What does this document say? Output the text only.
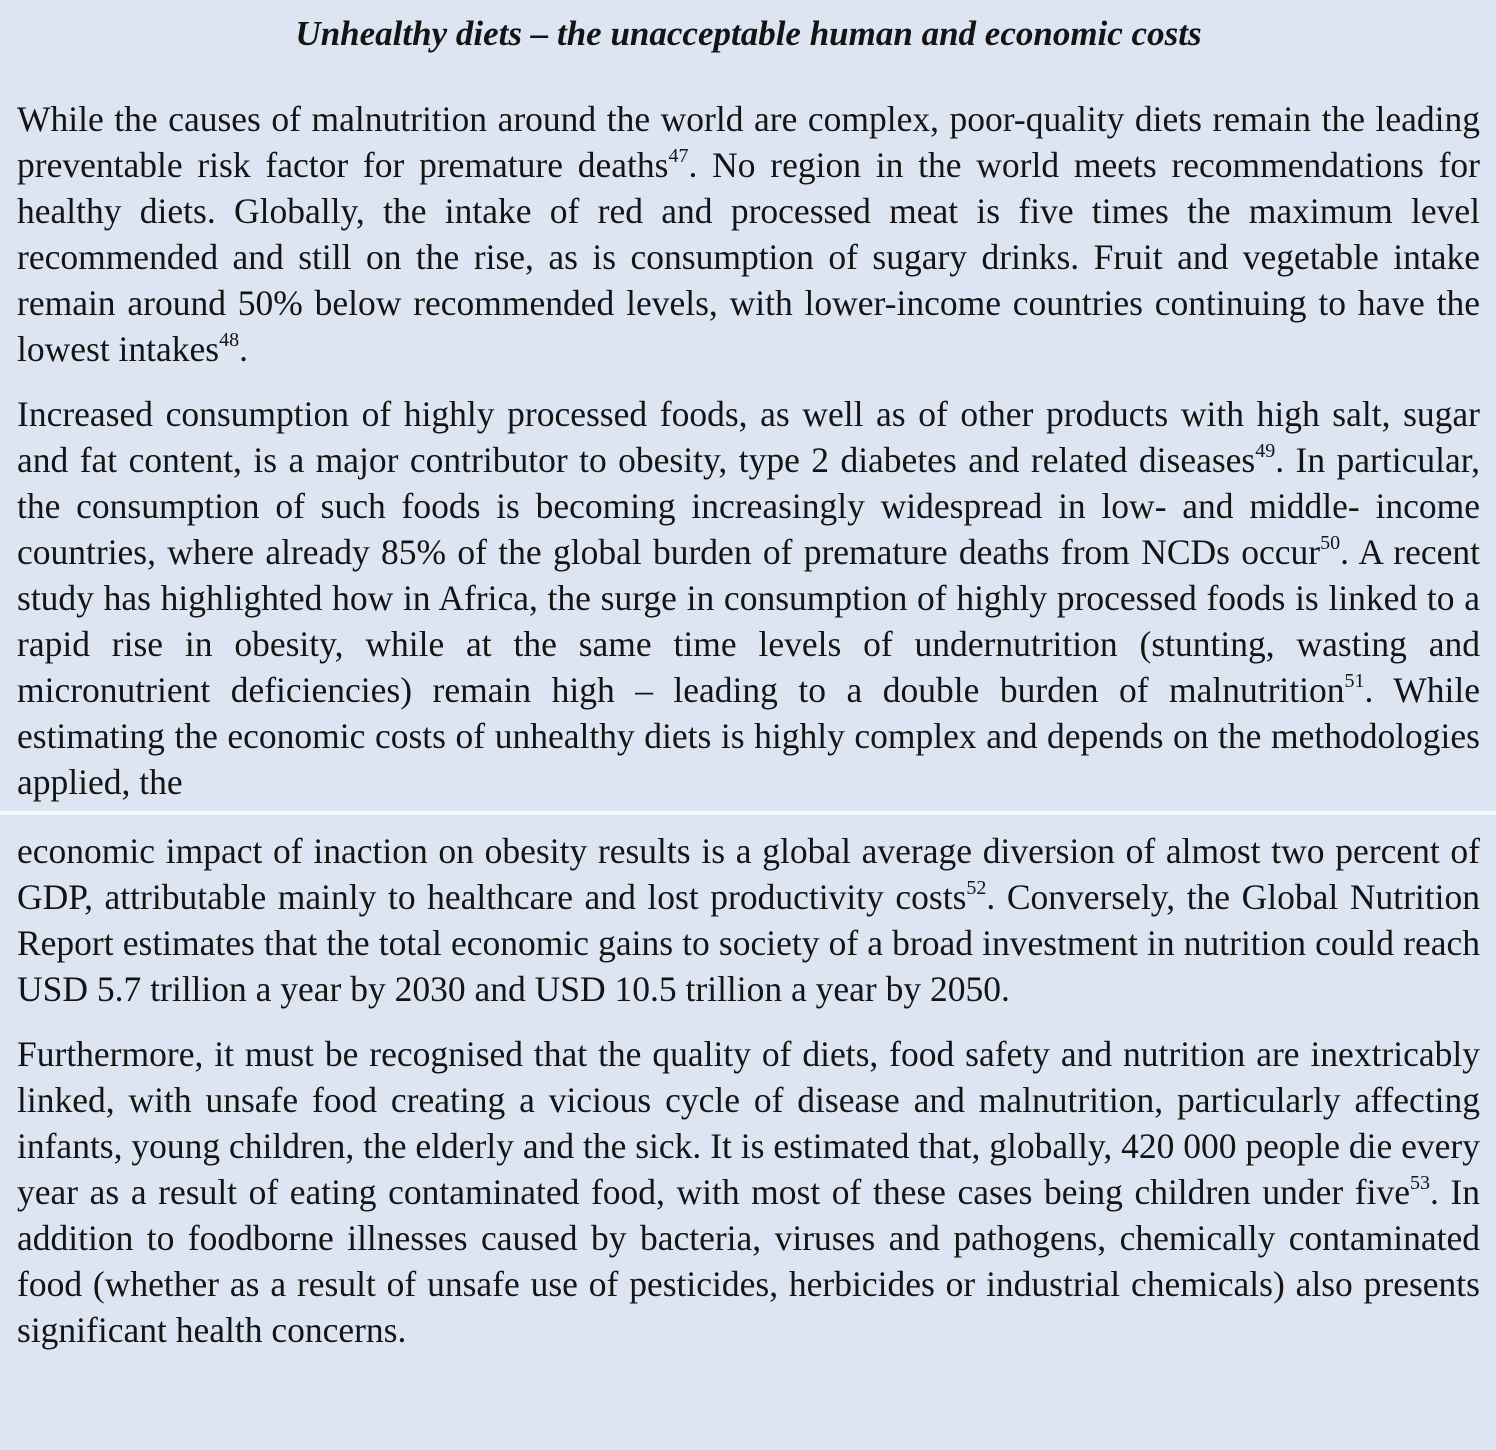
Unhealthy diets – the unacceptable human and economic costs

While the causes of malnutrition around the world are complex, poor-quality diets remain the leading preventable risk factor for premature deaths$^{47}$. No region in the world meets recommendations for healthy diets. Globally, the intake of red and processed meat is five times the maximum level recommended and still on the rise, as is consumption of sugary drinks. Fruit and vegetable intake remain around 50% below recommended levels, with lower-income countries continuing to have the lowest intakes$^{48}$.

Increased consumption of highly processed foods, as well as of other products with high salt, sugar and fat content, is a major contributor to obesity, type 2 diabetes and related diseases$^{49}$. In particular, the consumption of such foods is becoming increasingly widespread in low- and middle- income countries, where already 85% of the global burden of premature deaths from NCDs occur$^{50}$. A recent study has highlighted how in Africa, the surge in consumption of highly processed foods is linked to a rapid rise in obesity, while at the same time levels of undernutrition (stunting, wasting and micronutrient deficiencies) remain high – leading to a double burden of malnutrition$^{51}$. While estimating the economic costs of unhealthy diets is highly complex and depends on the methodologies applied, the

economic impact of inaction on obesity results is a global average diversion of almost two percent of GDP, attributable mainly to healthcare and lost productivity costs$^{52}$. Conversely, the Global Nutrition Report estimates that the total economic gains to society of a broad investment in nutrition could reach USD 5.7 trillion a year by 2030 and USD 10.5 trillion a year by 2050.

Furthermore, it must be recognised that the quality of diets, food safety and nutrition are inextricably linked, with unsafe food creating a vicious cycle of disease and malnutrition, particularly affecting infants, young children, the elderly and the sick. It is estimated that, globally, 420 000 people die every year as a result of eating contaminated food, with most of these cases being children under five$^{53}$. In addition to foodborne illnesses caused by bacteria, viruses and pathogens, chemically contaminated food (whether as a result of unsafe use of pesticides, herbicides or industrial chemicals) also presents significant health concerns.
